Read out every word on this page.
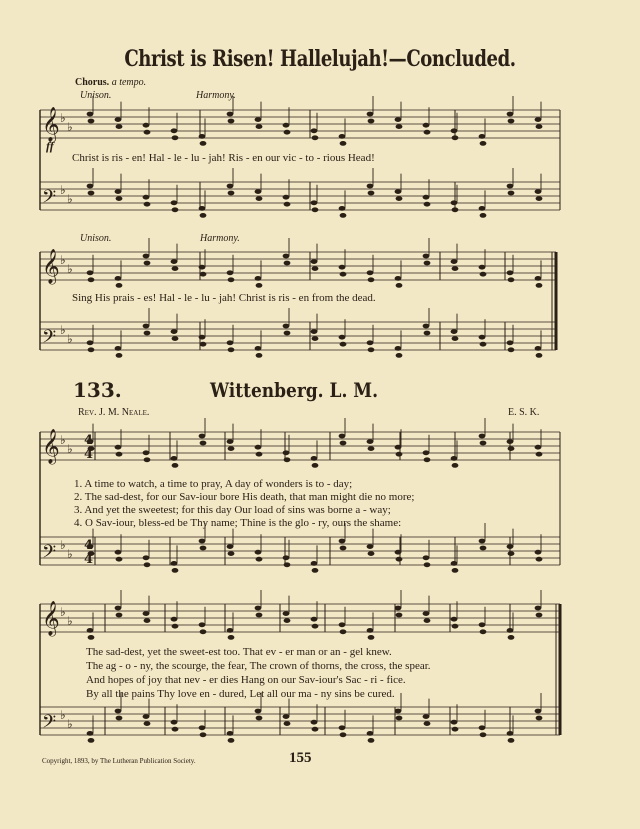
𝄞 ♭
♭
𝄢 ♭
♭
𝄞 ♭
♭
𝄢 ♭
♭
𝄞 ♭
♭
𝄢 ♭
♭
𝄞 ♭
♭
𝄢 ♭
♭
4
4
4
4
Christ is Risen! Hallelujah!—Concluded.
Chorus. a tempo.
Unison.	Harmony.
ff
Christ is ris - en! Hal - le - lu - jah! Ris - en our vic - to - rious Head!
Unison.	Harmony.
Sing His prais - es! Hal - le - lu - jah! Christ is ris - en from the dead.
133.	Wittenberg. L. M.
Rev. J. M. Neale.	E. S. K.
1. A time to watch, a time to pray, A day of wonders is to - day;
2. The sad-dest, for our Sav-iour bore His death, that man might die no more;
3. And yet the sweetest; for this day Our load of sins was borne a - way;
4. O Sav-iour, bless-ed be Thy name; Thine is the glo - ry, ours the shame:
The sad-dest, yet the sweet-est too. That ev - er man or an - gel knew.
The ag - o - ny, the scourge, the fear, The crown of thorns, the cross, the spear.
And hopes of joy that nev - er dies Hang on our Sav-iour's Sac - ri - fice.
By all the pains Thy love en - dured, Let all our ma - ny sins be cured.
Copyright, 1893, by The Lutheran Publication Society.	155
